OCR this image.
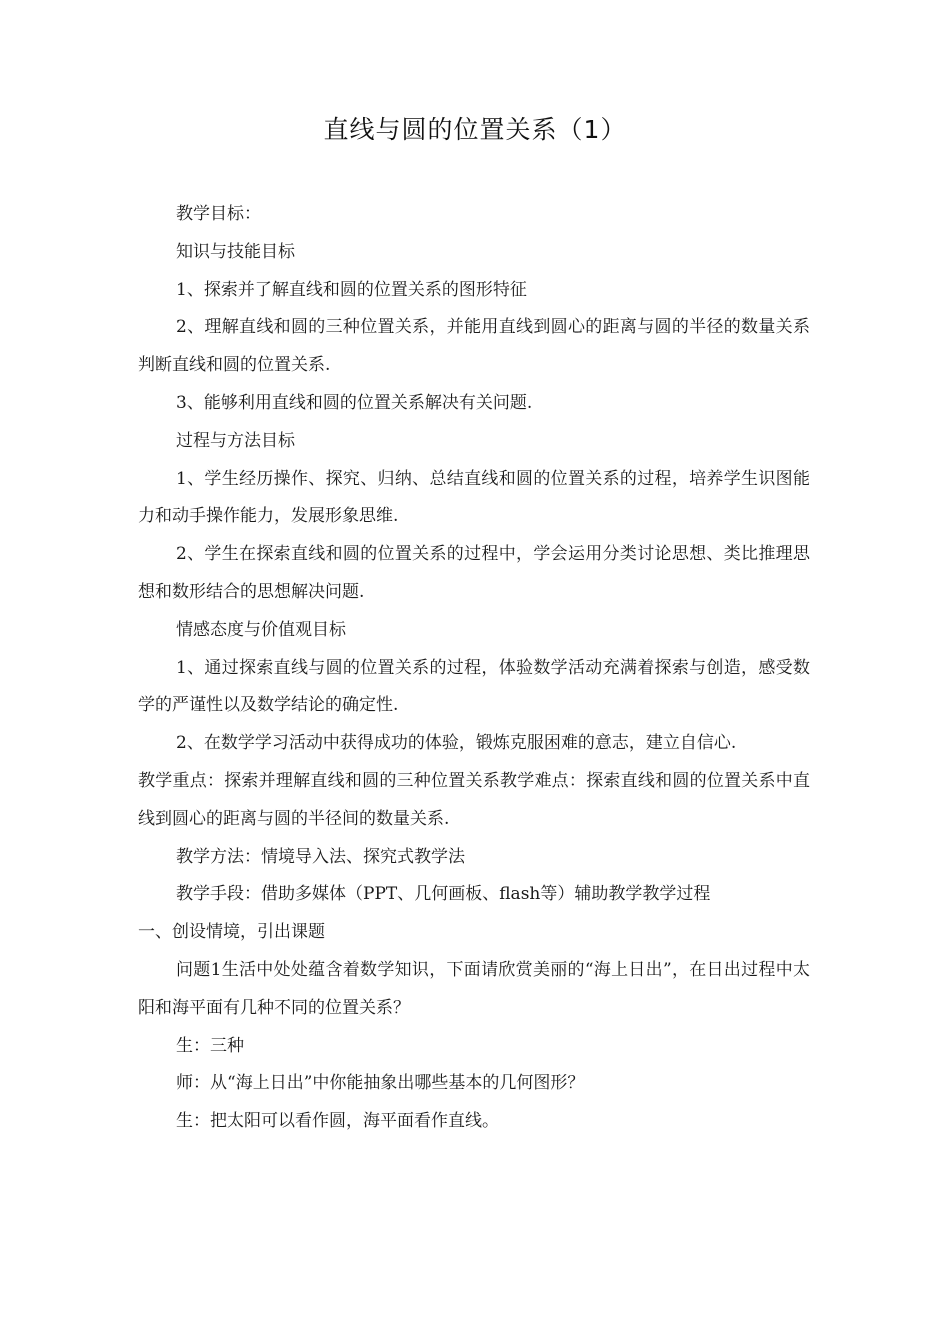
直线与圆的位置关系（1）

教学目标：

知识与技能目标

1、探索并了解直线和圆的位置关系的图形特征

2、理解直线和圆的三种位置关系，并能用直线到圆心的距离与圆的半径的数量关系判断直线和圆的位置关系.

3、能够利用直线和圆的位置关系解决有关问题.

过程与方法目标

1、学生经历操作、探究、归纳、总结直线和圆的位置关系的过程，培养学生识图能力和动手操作能力，发展形象思维.

2、学生在探索直线和圆的位置关系的过程中，学会运用分类讨论思想、类比推理思想和数形结合的思想解决问题.

情感态度与价值观目标

1、通过探索直线与圆的位置关系的过程，体验数学活动充满着探索与创造，感受数学的严谨性以及数学结论的确定性.

2、在数学学习活动中获得成功的体验，锻炼克服困难的意志，建立自信心.

教学重点：探索并理解直线和圆的三种位置关系教学难点：探索直线和圆的位置关系中直线到圆心的距离与圆的半径间的数量关系.

教学方法：情境导入法、探究式教学法

教学手段：借助多媒体（PPT、几何画板、flash等）辅助教学教学过程

一、创设情境，引出课题

问题1生活中处处蕴含着数学知识，下面请欣赏美丽的“海上日出”，在日出过程中太阳和海平面有几种不同的位置关系？

生：三种

师：从“海上日出”中你能抽象出哪些基本的几何图形？

生：把太阳可以看作圆，海平面看作直线。
